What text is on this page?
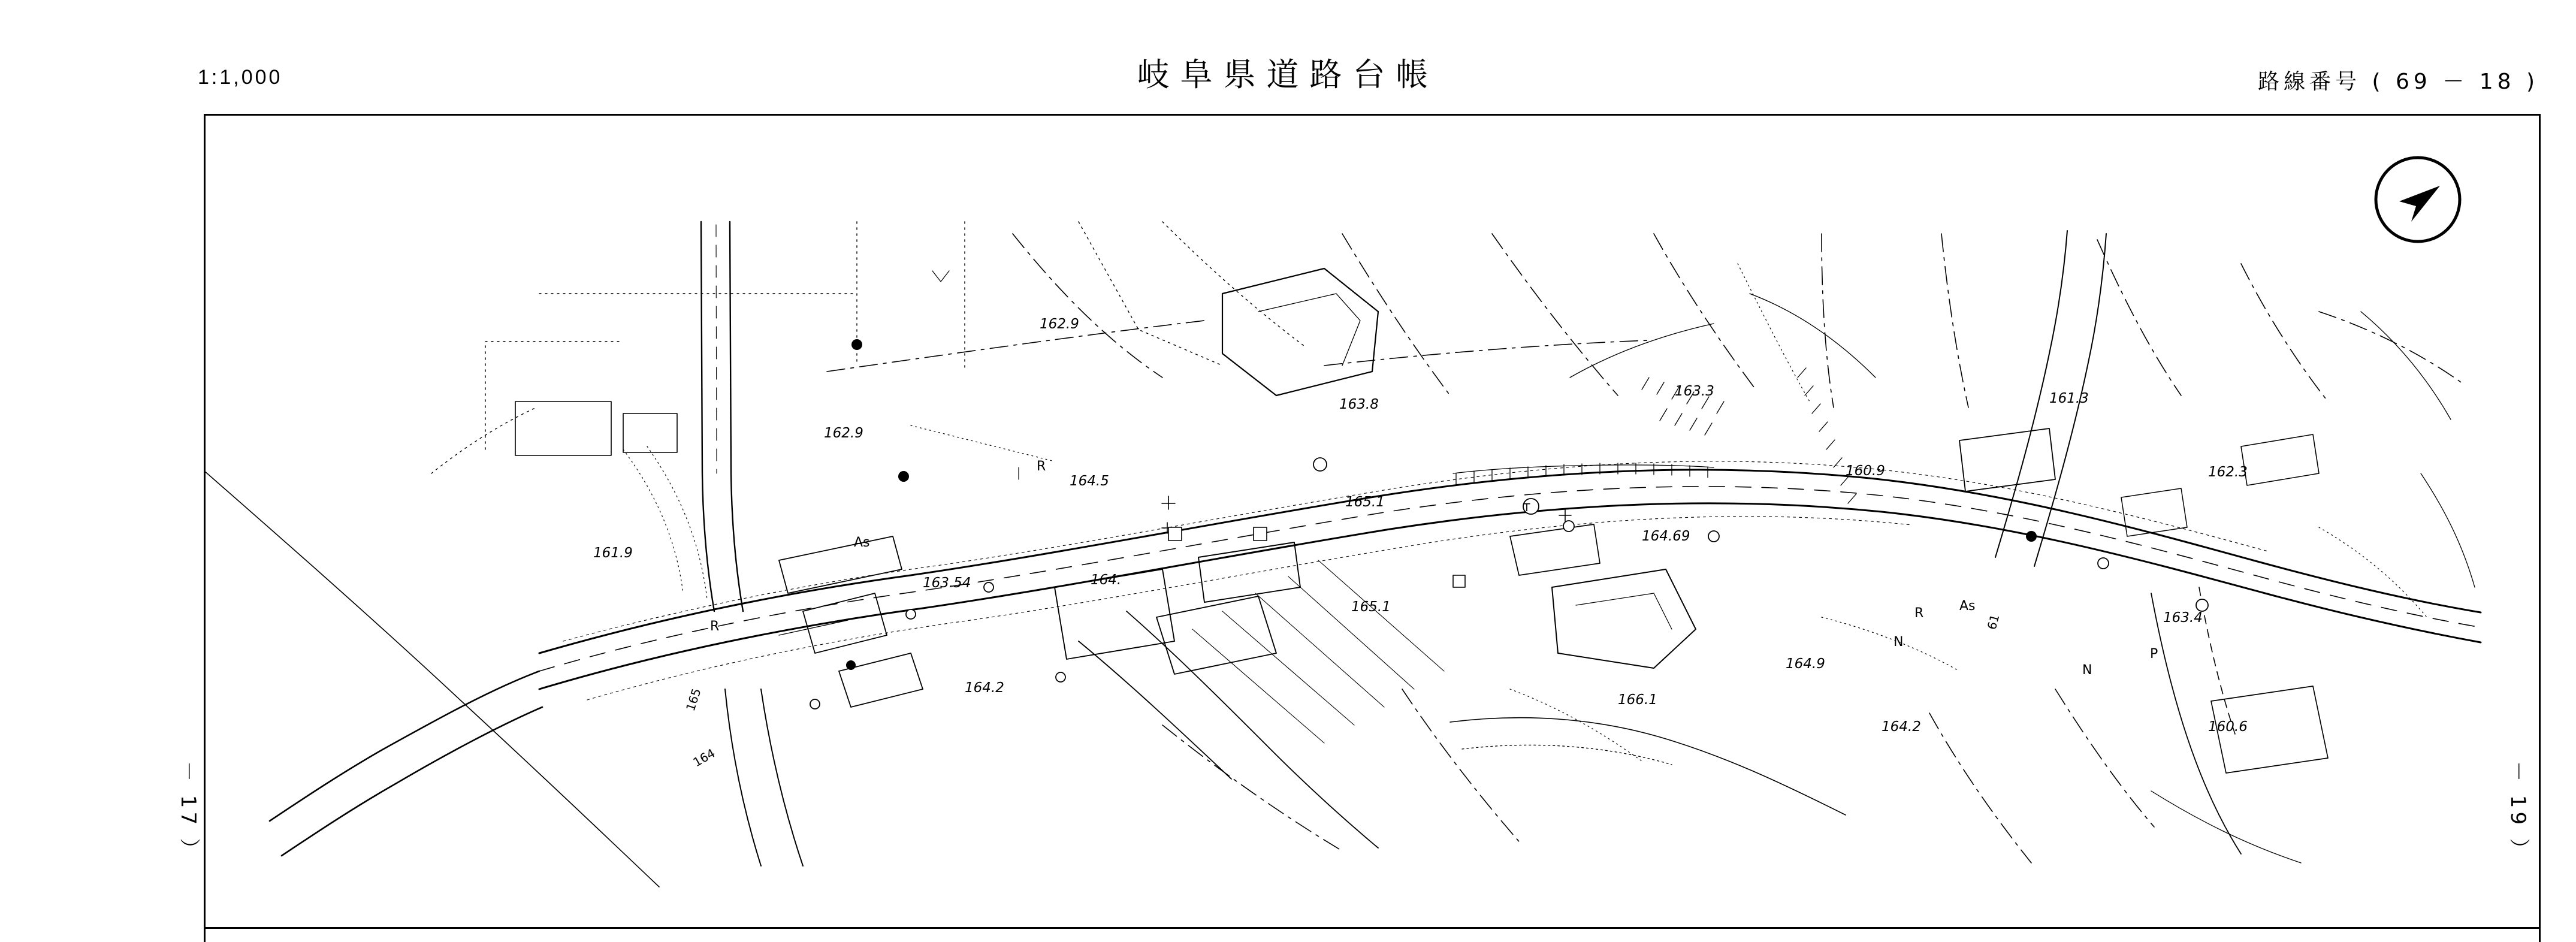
1:1,000	岐阜県道路台帳	路線番号 ( 69 － 18 )
－ 17 ）	－ 19 ）
162.9
162.9
163.8
163.3	161.3
162.3
160.9
164.5
165.1
164.69
161.9
163.54	164.
165.1
163.4
164.9
164.2
166.1
164.2	160.6
R
R
R
As
As
N
N
P
T
61
165
164
